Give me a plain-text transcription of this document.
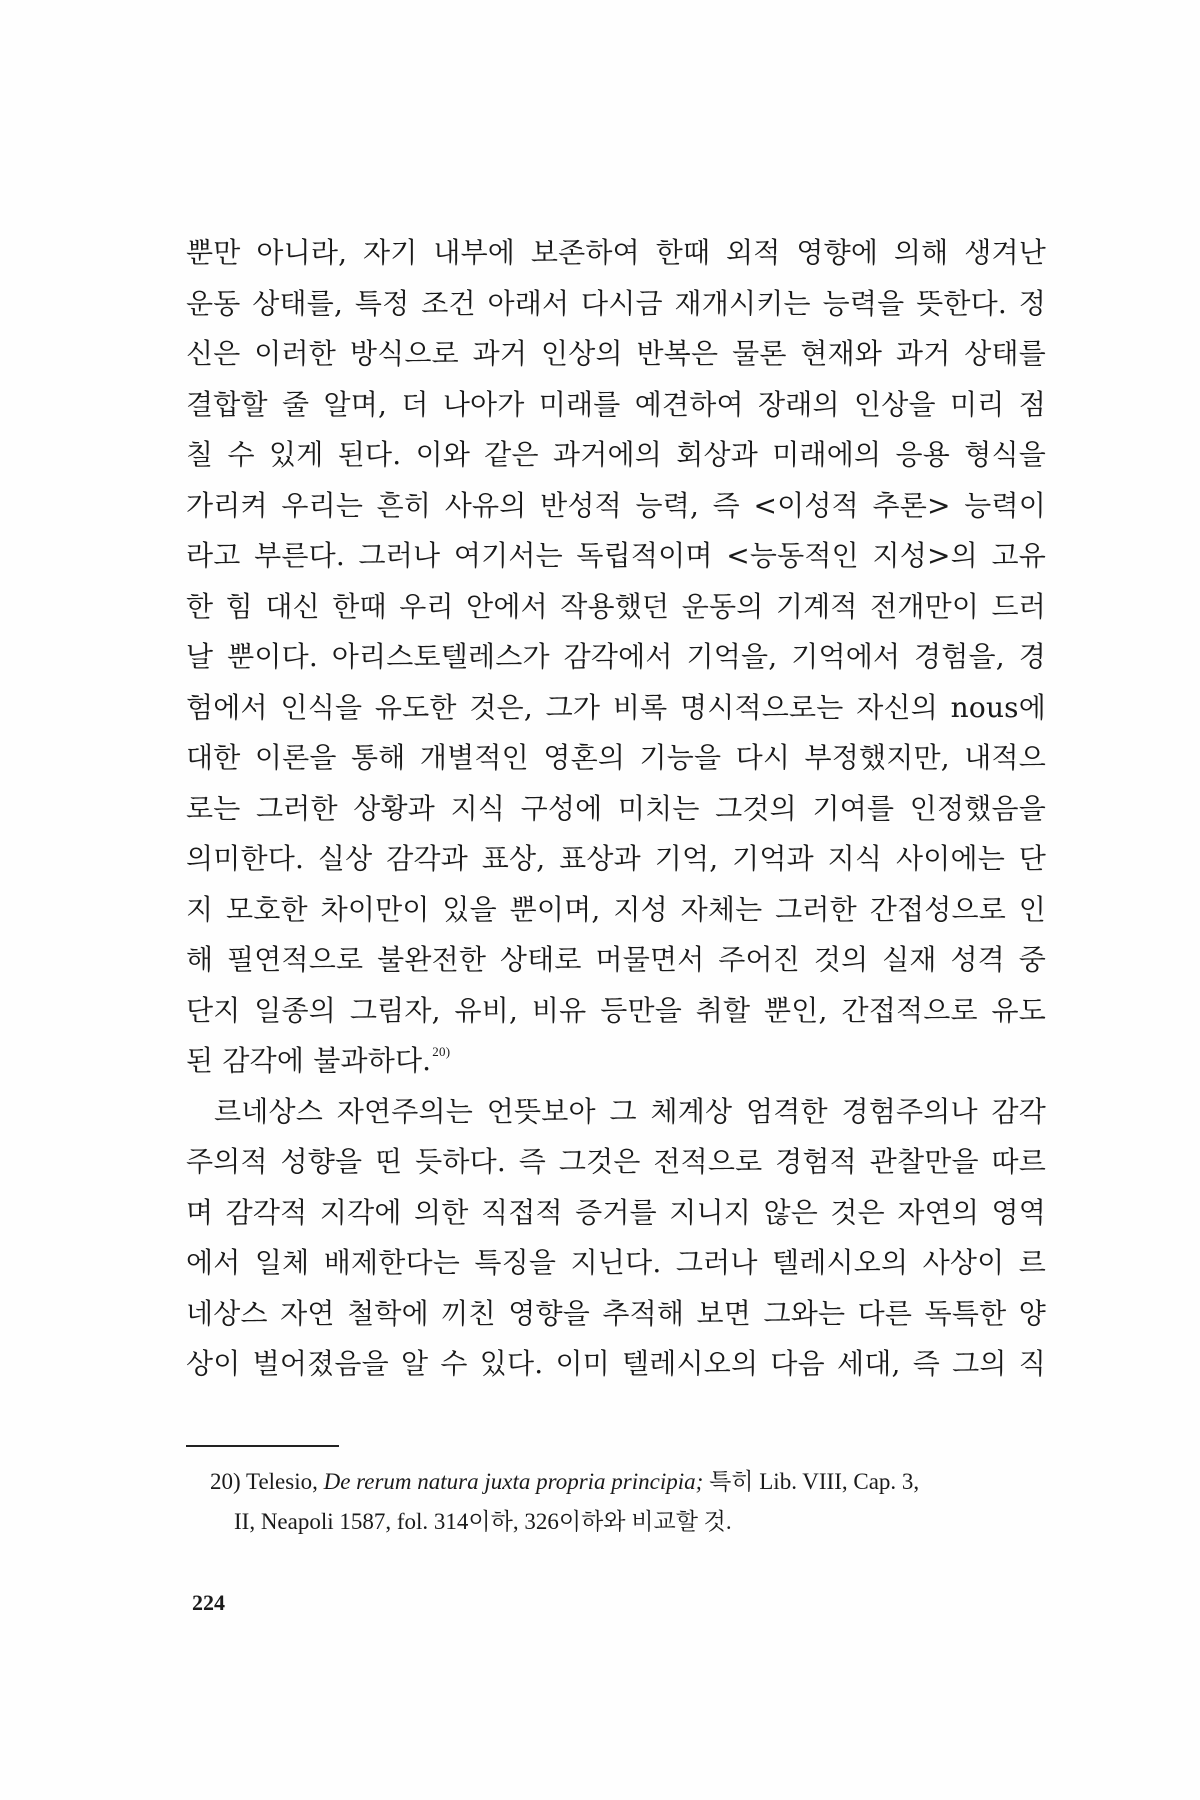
뿐만 아니라, 자기 내부에 보존하여 한때 외적 영향에 의해 생겨난
운동 상태를, 특정 조건 아래서 다시금 재개시키는 능력을 뜻한다. 정
신은 이러한 방식으로 과거 인상의 반복은 물론 현재와 과거 상태를
결합할 줄 알며, 더 나아가 미래를 예견하여 장래의 인상을 미리 점
칠 수 있게 된다. 이와 같은 과거에의 회상과 미래에의 응용 형식을
가리켜 우리는 흔히 사유의 반성적 능력, 즉 <이성적 추론> 능력이
라고 부른다. 그러나 여기서는 독립적이며 <능동적인 지성>의 고유
한 힘 대신 한때 우리 안에서 작용했던 운동의 기계적 전개만이 드러
날 뿐이다. 아리스토텔레스가 감각에서 기억을, 기억에서 경험을, 경
험에서 인식을 유도한 것은, 그가 비록 명시적으로는 자신의 nous에
대한 이론을 통해 개별적인 영혼의 기능을 다시 부정했지만, 내적으
로는 그러한 상황과 지식 구성에 미치는 그것의 기여를 인정했음을
의미한다. 실상 감각과 표상, 표상과 기억, 기억과 지식 사이에는 단
지 모호한 차이만이 있을 뿐이며, 지성 자체는 그러한 간접성으로 인
해 필연적으로 불완전한 상태로 머물면서 주어진 것의 실재 성격 중
단지 일종의 그림자, 유비, 비유 등만을 취할 뿐인, 간접적으로 유도
된 감각에 불과하다.$^{20)}$
르네상스 자연주의는 언뜻보아 그 체계상 엄격한 경험주의나 감각
주의적 성향을 띤 듯하다. 즉 그것은 전적으로 경험적 관찰만을 따르
며 감각적 지각에 의한 직접적 증거를 지니지 않은 것은 자연의 영역
에서 일체 배제한다는 특징을 지닌다. 그러나 텔레시오의 사상이 르
네상스 자연 철학에 끼친 영향을 추적해 보면 그와는 다른 독특한 양
상이 벌어졌음을 알 수 있다. 이미 텔레시오의 다음 세대, 즉 그의 직
20) Telesio, De rerum natura juxta propria principia; 특히 Lib. VIII, Cap. 3,
II, Neapoli 1587, fol. 314이하, 326이하와 비교할 것.
224
